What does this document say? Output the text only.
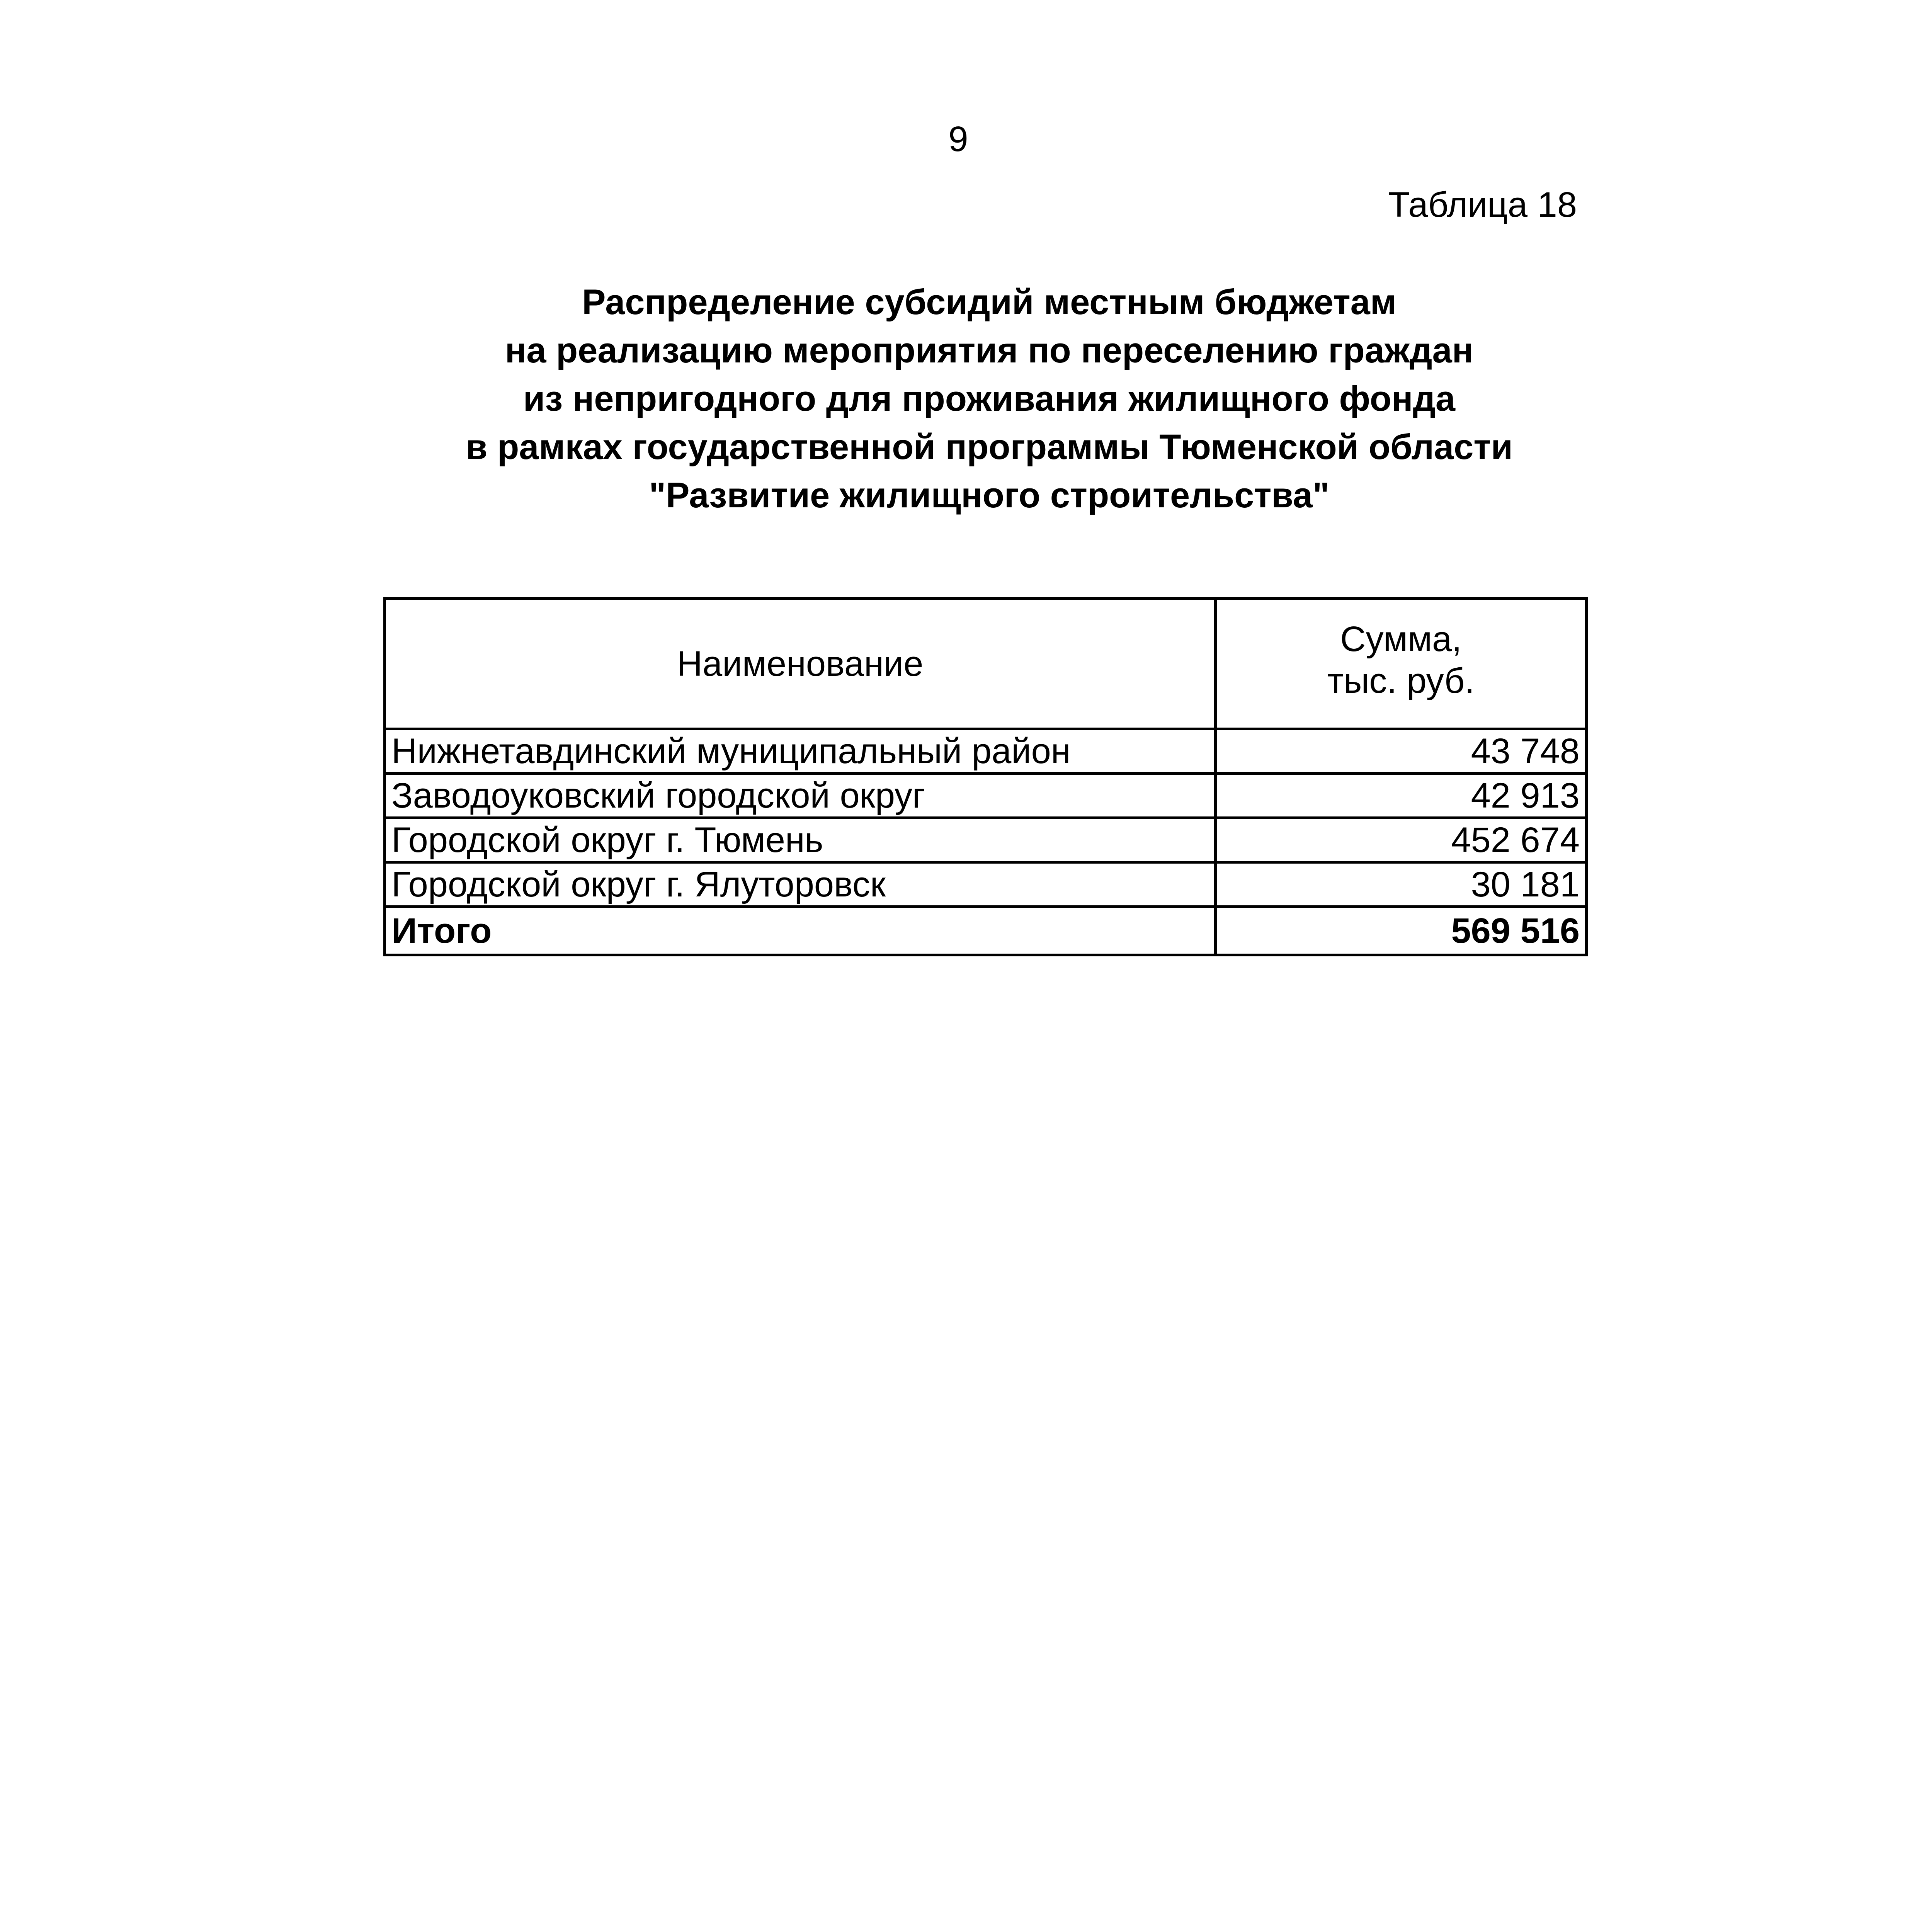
9
Таблица 18
Распределение субсидий местным бюджетам
на реализацию мероприятия по переселению граждан
из непригодного для проживания жилищного фонда
в рамках государственной программы Тюменской области
"Развитие жилищного строительства"
Наименование	Сумма,
тыс. руб.

Нижнетавдинский муниципальный район	43 748
Заводоуковский городской округ	42 913
Городской округ г. Тюмень	452 674
Городской округ г. Ялуторовск	30 181
Итого	569 516
